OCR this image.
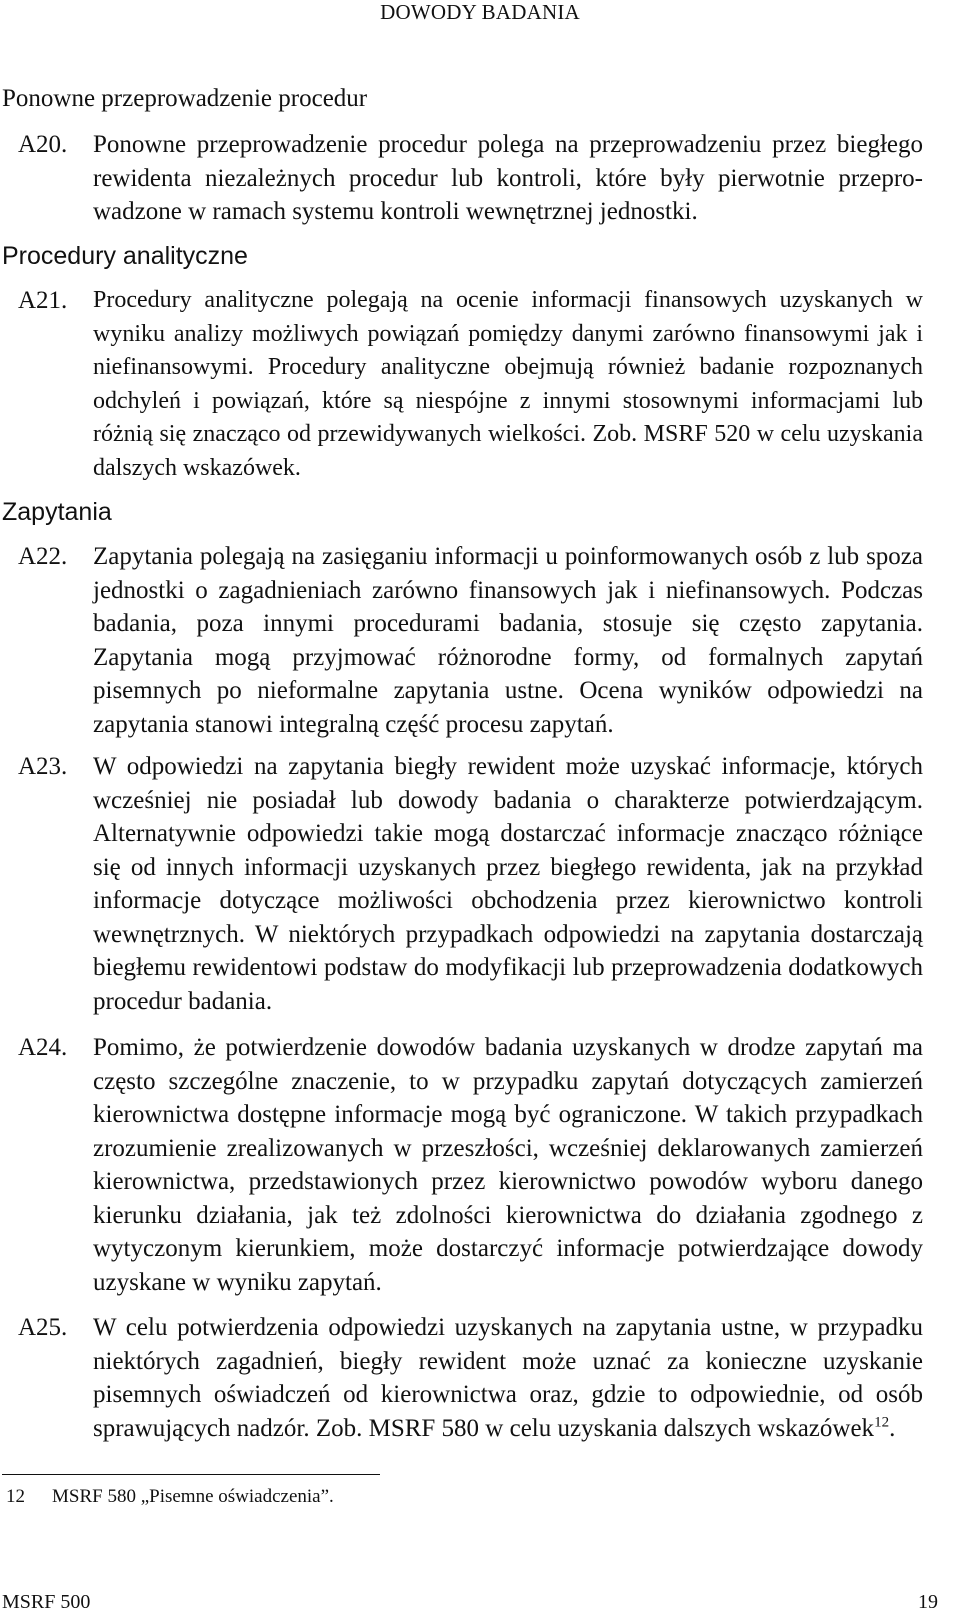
DOWODY BADANIA
Ponowne przeprowadzenie procedur
A20. Ponowne przeprowadzenie procedur polega na przeprowadzeniu przez biegłego rewidenta niezależnych procedur lub kontroli, które były pierwotnie przeprowadzone w ramach systemu kontroli wewnętrznej jednostki.
Procedury analityczne
A21. Procedury analityczne polegają na ocenie informacji finansowych uzyskanych w wyniku analizy możliwych powiązań pomiędzy danymi zarówno finansowymi jak i niefinansowymi. Procedury analityczne obejmują również badanie rozpoznanych odchyleń i powiązań, które są niespójne z innymi stosownymi informacjami lub różnią się znacząco od przewidywanych wielkości. Zob. MSRF 520 w celu uzyskania dalszych wskazówek.
Zapytania
A22. Zapytania polegają na zasięganiu informacji u poinformowanych osób z lub spoza jednostki o zagadnieniach zarówno finansowych jak i niefinansowych. Podczas badania, poza innymi procedurami badania, stosuje się często zapytania. Zapytania mogą przyjmować różnorodne formy, od formalnych zapytań pisemnych po nieformalne zapytania ustne. Ocena wyników odpowiedzi na zapytania stanowi integralną część procesu zapytań.
A23. W odpowiedzi na zapytania biegły rewident może uzyskać informacje, których wcześniej nie posiadał lub dowody badania o charakterze potwierdzającym. Alternatywnie odpowiedzi takie mogą dostarczać informacje znacząco różniące się od innych informacji uzyskanych przez biegłego rewidenta, jak na przykład informacje dotyczące możliwości obchodzenia przez kierownictwo kontroli wewnętrznych. W niektórych przypadkach odpowiedzi na zapytania dostarczają biegłemu rewidentowi podstaw do modyfikacji lub przeprowadzenia dodatkowych procedur badania.
A24. Pomimo, że potwierdzenie dowodów badania uzyskanych w drodze zapytań ma często szczególne znaczenie, to w przypadku zapytań dotyczących zamierzeń kierownictwa dostępne informacje mogą być ograniczone. W takich przypadkach zrozumienie zrealizowanych w przeszłości, wcześniej deklarowanych zamierzeń kierownictwa, przedstawionych przez kierownictwo powodów wyboru danego kierunku działania, jak też zdolności kierownictwa do działania zgodnego z wytyczonym kierunkiem, może dostarczyć informacje potwierdzające dowody uzyskane w wyniku zapytań.
A25. W celu potwierdzenia odpowiedzi uzyskanych na zapytania ustne, w przypadku niektórych zagadnień, biegły rewident może uznać za konieczne uzyskanie pisemnych oświadczeń od kierownictwa oraz, gdzie to odpowiednie, od osób sprawujących nadzór. Zob. MSRF 580 w celu uzyskania dalszych wskazówek$^{12}$.
12 MSRF 580 „Pisemne oświadczenia”.
MSRF 500	19
